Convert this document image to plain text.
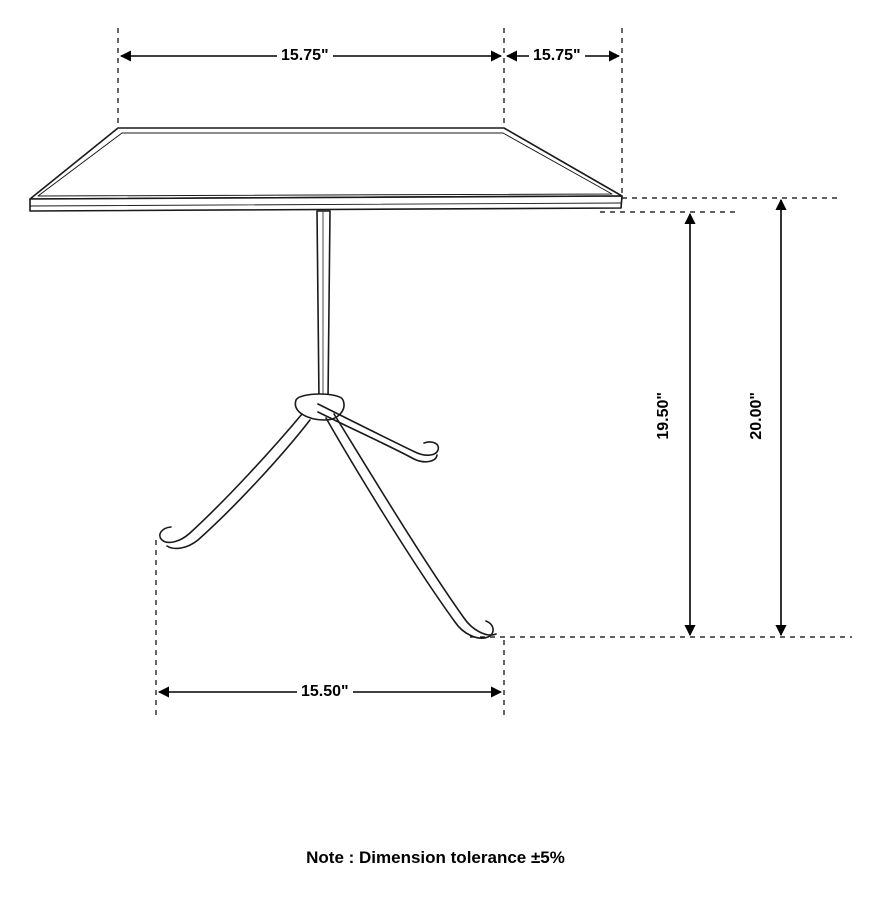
15.75"	15.75"
19.50"	20.00"
15.50"
Note : Dimension tolerance ±5%
